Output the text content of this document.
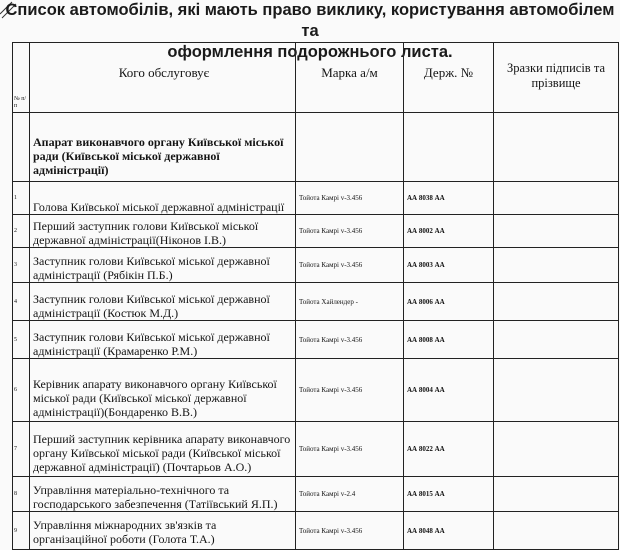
Список автомобілів, які мають право виклику, користування автомобілем та
оформлення подорожнього листа.
№ п/п	Кого обслуговує	Марка а/м	Держ. №	Зразки підписів та прізвище
	Апарат виконавчого органу Київської міської ради (Київської міської державної адміністрації)			
1	Голова Київської міської державної адміністрації	Тойота Камрі v-3.456	АА 8038 АА	
2	Перший заступник голови Київської міської державної адміністрації(Ніконов І.В.)	Тойота Камрі v-3.456	АА 8002 АА	
3	Заступник голови Київської міської державної адміністрації (Рябікін П.Б.)	Тойота Камрі v-3.456	АА 8003 АА	
4	Заступник голови Київської міської державної адміністрації (Костюк М.Д.)	Тойота Хайлендер -	АА 8006 АА	
5	Заступник голови Київської міської державної адміністрації (Крамаренко Р.М.)	Тойота Камрі v-3.456	АА 8008 АА	
6	Керівник апарату виконавчого органу Київської міської ради (Київської міської державної адміністрації)(Бондаренко В.В.)	Тойота Камрі v-3.456	АА 8004 АА	
7	Перший заступник керівника апарату виконавчого органу Київської міської ради (Київської міської державної адміністрації) (Почтарьов А.О.)	Тойота Камрі v-3.456	АА 8022 АА	
8	Управління матеріально-технічного та господарського забезпечення (Татіївський Я.П.)	Тойота Камрі v-2.4	АА 8015 АА	
9	Управління міжнародних зв'язків та організаційної роботи (Голота Т.А.)	Тойота Камрі v-3.456	АА 8048 АА	
